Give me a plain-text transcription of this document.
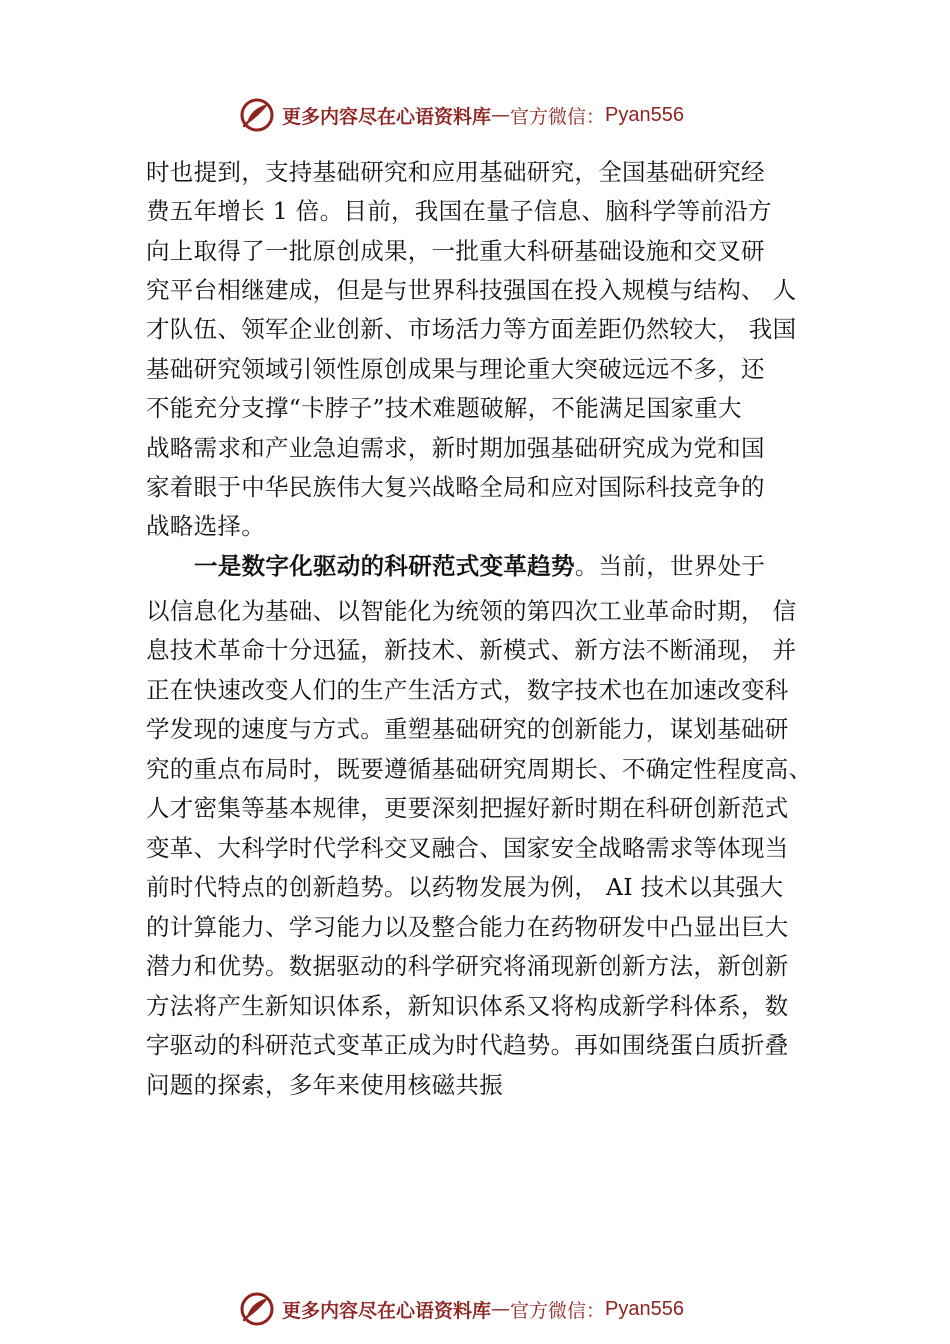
更多内容尽在心语资料库 — 官方微信： Pyan556
时也提到，支持基础研究和应用基础研究，全国基础研究经
费五年增长 1 倍。目前，我国在量子信息、脑科学等前沿方
向上取得了一批原创成果，一批重大科研基础设施和交叉研
究平台相继建成，但是与世界科技强国在投入规模与结构、 人
才队伍、领军企业创新、市场活力等方面差距仍然较大， 我国
基础研究领域引领性原创成果与理论重大突破远远不多，还
不能充分支撑“卡脖子”技术难题破解，不能满足国家重大
战略需求和产业急迫需求，新时期加强基础研究成为党和国
家着眼于中华民族伟大复兴战略全局和应对国际科技竞争的
战略选择。
一是数字化驱动的科研范式变革趋势。当前，世界处于
以信息化为基础、以智能化为统领的第四次工业革命时期， 信
息技术革命十分迅猛，新技术、新模式、新方法不断涌现， 并
正在快速改变人们的生产生活方式，数字技术也在加速改变科
学发现的速度与方式。重塑基础研究的创新能力，谋划基础研
究的重点布局时，既要遵循基础研究周期长、不确定性程度高、
人才密集等基本规律，更要深刻把握好新时期在科研创新范式
变革、大科学时代学科交叉融合、国家安全战略需求等体现当
前时代特点的创新趋势。以药物发展为例， AI 技术以其强大
的计算能力、学习能力以及整合能力在药物研发中凸显出巨大
潜力和优势。数据驱动的科学研究将涌现新创新方法，新创新
方法将产生新知识体系，新知识体系又将构成新学科体系，数
字驱动的科研范式变革正成为时代趋势。再如围绕蛋白质折叠
问题的探索，多年来使用核磁共振
更多内容尽在心语资料库 — 官方微信： Pyan556
